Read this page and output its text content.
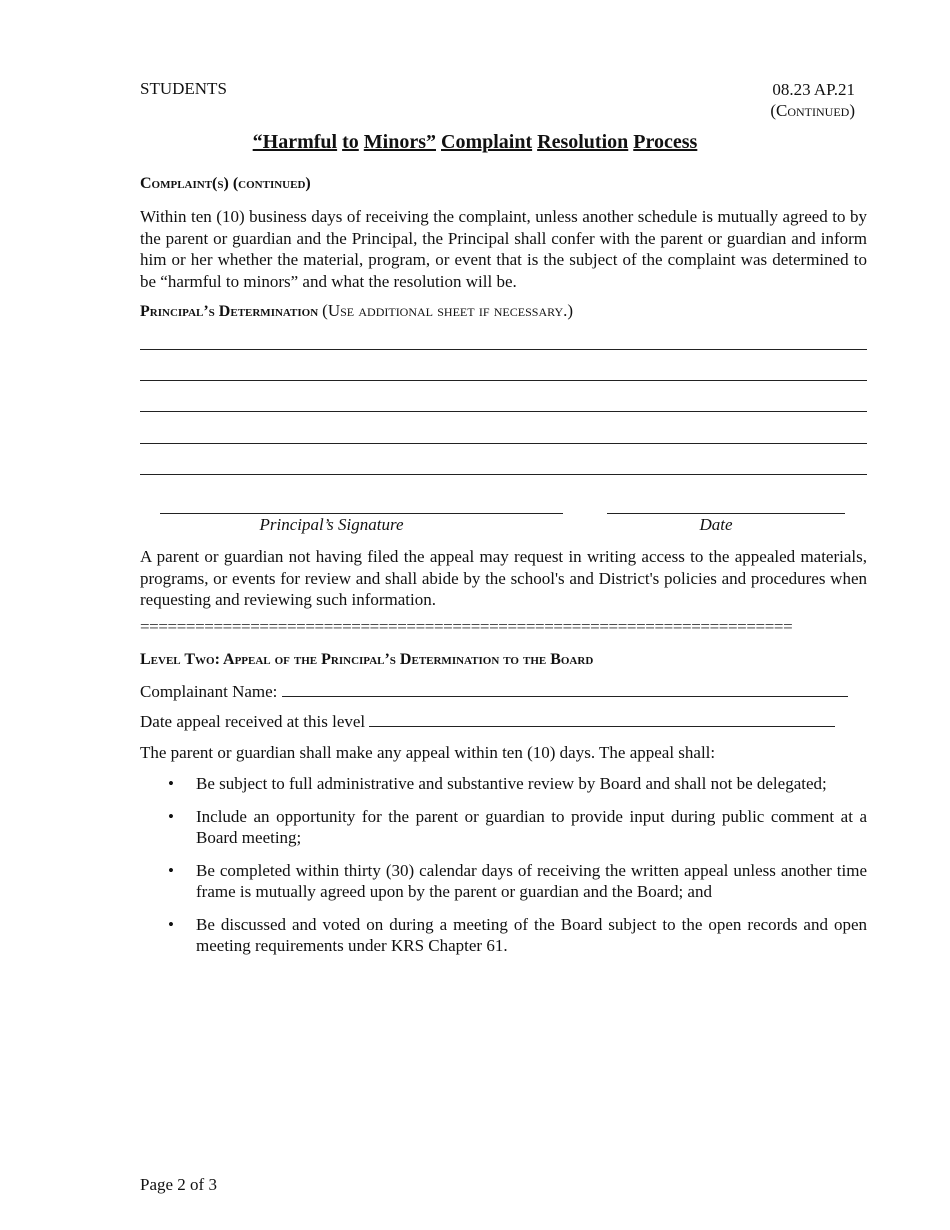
STUDENTS	08.23 AP.21
(Continued)
“Harmful to Minors” Complaint Resolution Process
Complaint(s) (continued)
Within ten (10) business days of receiving the complaint, unless another schedule is mutually agreed to by the parent or guardian and the Principal, the Principal shall confer with the parent or guardian and inform him or her whether the material, program, or event that is the subject of the complaint was determined to be “harmful to minors” and what the resolution will be.
Principal’s Determination (Use additional sheet if necessary.)
Principal’s Signature	Date
A parent or guardian not having filed the appeal may request in writing access to the appealed materials, programs, or events for review and shall abide by the school's and District's policies and procedures when requesting and reviewing such information.
=======================================================================
Level Two: Appeal of the Principal’s Determination to the Board
Complainant Name:
Date appeal received at this level
The parent or guardian shall make any appeal within ten (10) days. The appeal shall:
• Be subject to full administrative and substantive review by Board and shall not be delegated;
• Include an opportunity for the parent or guardian to provide input during public comment at a Board meeting;
• Be completed within thirty (30) calendar days of receiving the written appeal unless another time frame is mutually agreed upon by the parent or guardian and the Board; and
• Be discussed and voted on during a meeting of the Board subject to the open records and open meeting requirements under KRS Chapter 61.
Page 2 of 3
